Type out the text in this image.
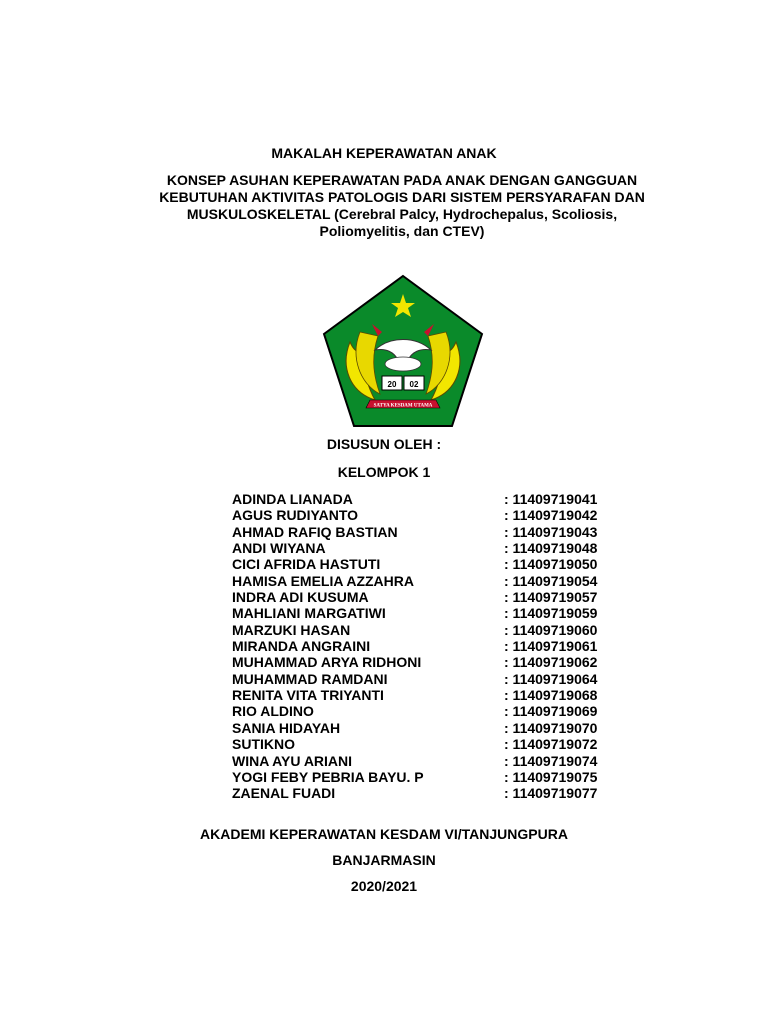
MAKALAH KEPERAWATAN ANAK
KONSEP ASUHAN KEPERAWATAN PADA ANAK DENGAN GANGGUAN
KEBUTUHAN AKTIVITAS PATOLOGIS DARI SISTEM PERSYARAFAN DAN
MUSKULOSKELETAL (Cerebral Palcy, Hydrochepalus, Scoliosis,
Poliomyelitis, dan CTEV)
20 02
SATYA KESDAM UTAMA
DISUSUN OLEH :
KELOMPOK 1
ADINDA LIANADA	: 11409719041
AGUS RUDIYANTO	: 11409719042
AHMAD RAFIQ BASTIAN	: 11409719043
ANDI WIYANA	: 11409719048
CICI AFRIDA HASTUTI	: 11409719050
HAMISA EMELIA AZZAHRA	: 11409719054
INDRA ADI KUSUMA	: 11409719057
MAHLIANI MARGATIWI	: 11409719059
MARZUKI HASAN	: 11409719060
MIRANDA ANGRAINI	: 11409719061
MUHAMMAD ARYA RIDHONI	: 11409719062
MUHAMMAD RAMDANI	: 11409719064
RENITA VITA TRIYANTI	: 11409719068
RIO ALDINO	: 11409719069
SANIA HIDAYAH	: 11409719070
SUTIKNO	: 11409719072
WINA AYU ARIANI	: 11409719074
YOGI FEBY PEBRIA BAYU. P	: 11409719075
ZAENAL FUADI	: 11409719077
AKADEMI KEPERAWATAN KESDAM VI/TANJUNGPURA
BANJARMASIN
2020/2021
